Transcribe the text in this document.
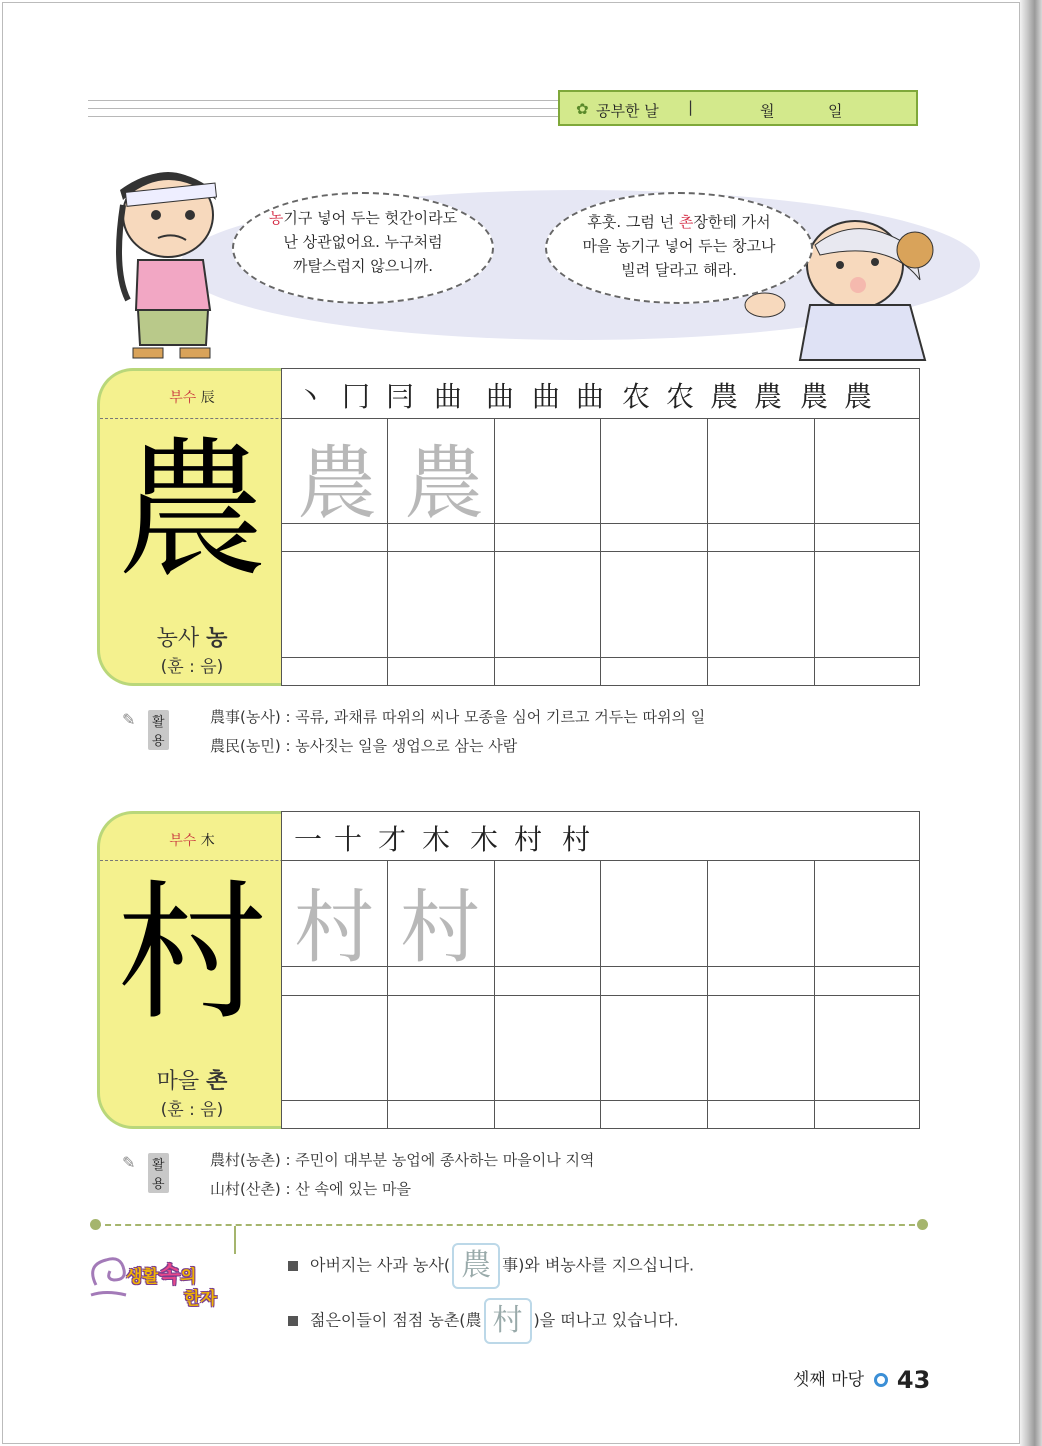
✿ 공부한 날 |	월	일
농기구 넣어 두는 헛간이라도
난 상관없어요. 누구처럼
까탈스럽지 않으니까.
후훗. 그럼 넌 촌장한테 가서
마을 농기구 넣어 두는 창고나
빌려 달라고 해라.
부수 辰
農
농사 농
(훈 : 음)
丶 冂 冃 曲 曲 曲 曲 农 农 農 農 農 農
農 農
✎	활용
農事(농사) : 곡류, 과채류 따위의 씨나 모종을 심어 기르고 거두는 따위의 일
農民(농민) : 농사짓는 일을 생업으로 삼는 사람
부수 木
村
마을 촌
(훈 : 음)
一 十 才 木 木 村 村
村 村
✎	활용
農村(농촌) : 주민이 대부분 농업에 종사하는 마을이나 지역
山村(산촌) : 산 속에 있는 마을
생활속의
한자
아버지는 사과 농사( 農 事)와 벼농사를 지으십니다.
젊은이들이 점점 농촌(農 村 )을 떠나고 있습니다.
셋째 마당 43
